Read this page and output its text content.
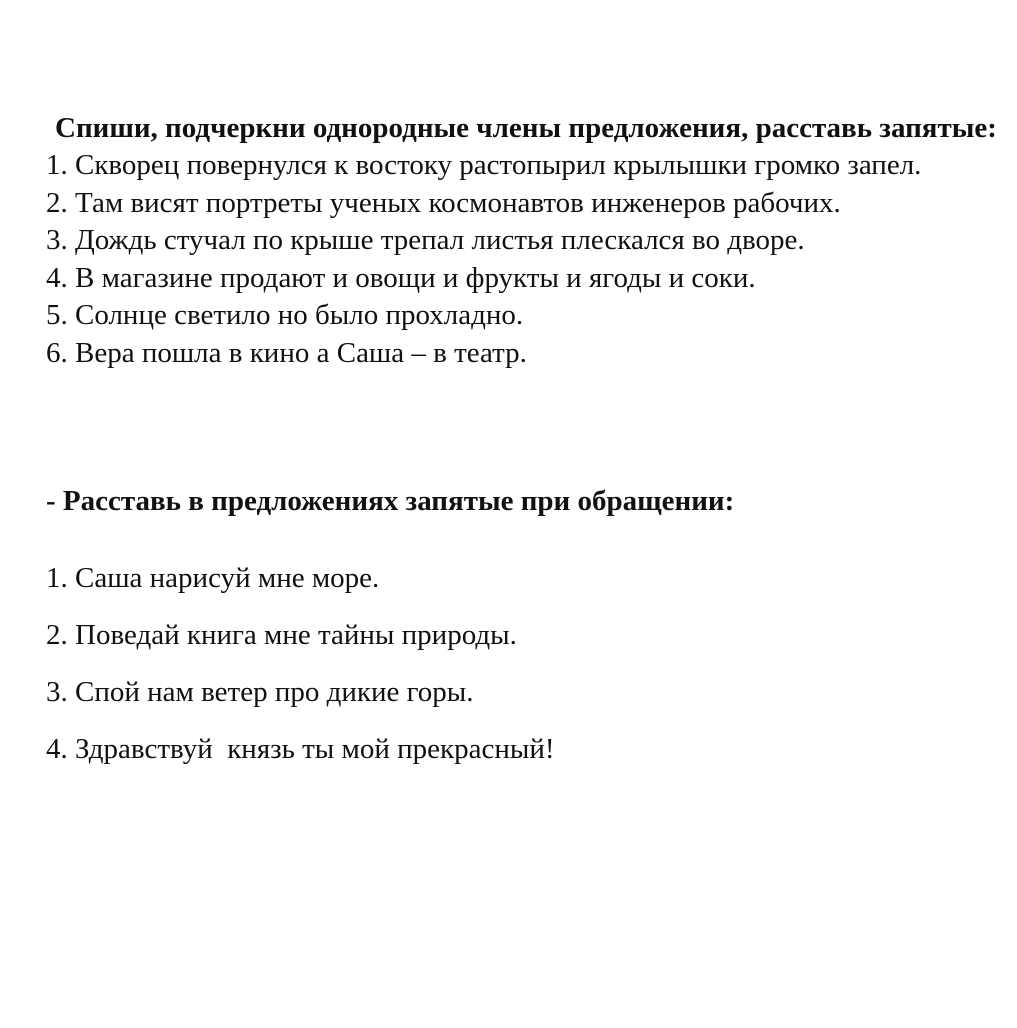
Спиши, подчеркни однородные члены предложения, расставь запятые:

1. Скворец повернулся к востоку растопырил крылышки громко запел.
2. Там висят портреты ученых космонавтов инженеров рабочих.
3. Дождь стучал по крыше трепал листья плескался во дворе.
4. В магазине продают и овощи и фрукты и ягоды и соки.
5. Солнце светило но было прохладно.
6. Вера пошла в кино а Саша – в театр.

- Расставь в предложениях запятые при обращении:

1. Саша нарисуй мне море.
2. Поведай книга мне тайны природы.
3. Спой нам ветер про дикие горы.
4. Здравствуй  князь ты мой прекрасный!
